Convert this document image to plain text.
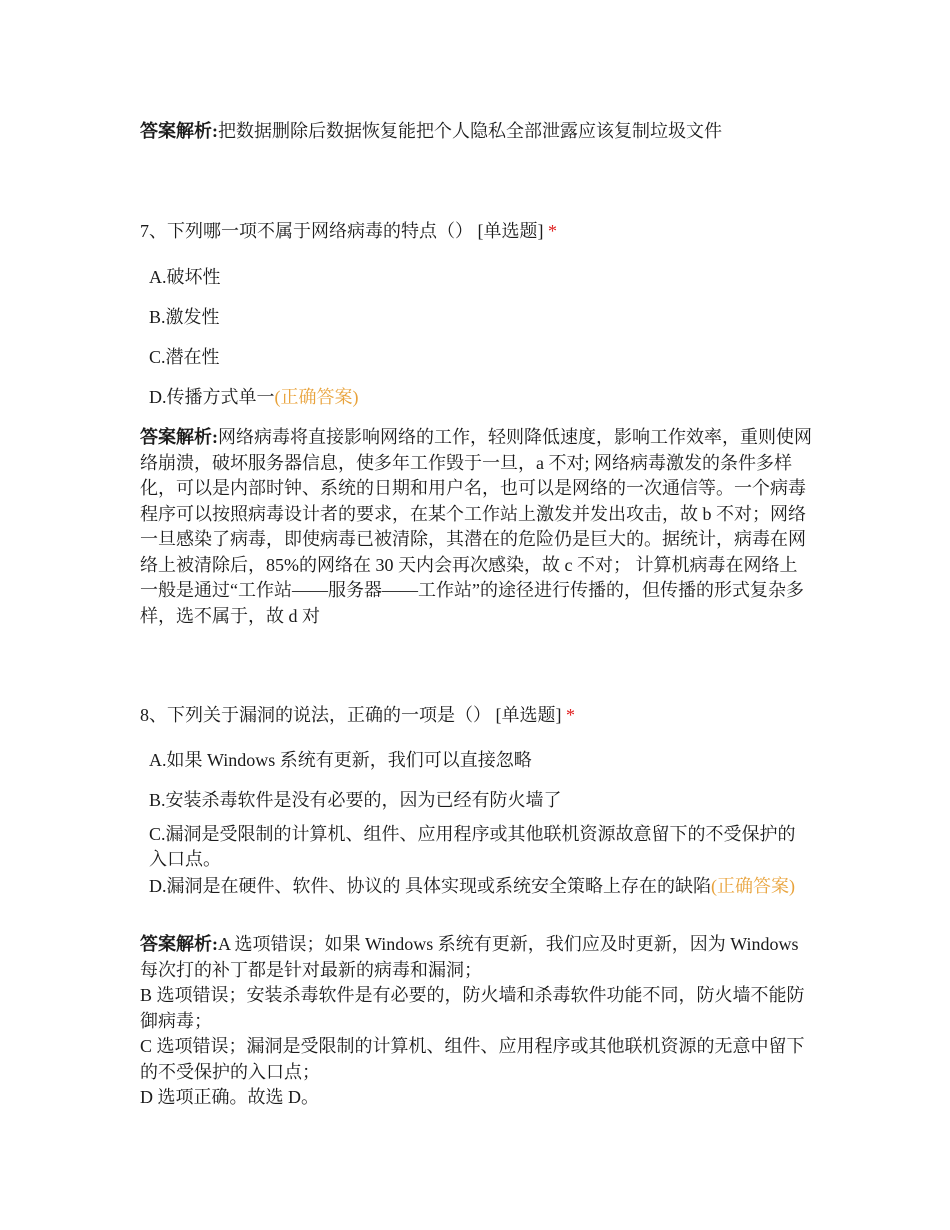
答案解析:把数据删除后数据恢复能把个人隐私全部泄露应该复制垃圾文件
7、下列哪一项不属于网络病毒的特点（） [单选题] *
A.破坏性
B.激发性
C.潜在性
D.传播方式单一(正确答案)
答案解析:网络病毒将直接影响网络的工作，轻则降低速度，影响工作效率，重则使网络崩溃，破坏服务器信息，使多年工作毁于一旦，a 不对; 网络病毒激发的条件多样化，可以是内部时钟、系统的日期和用户名，也可以是网络的一次通信等。一个病毒程序可以按照病毒设计者的要求，在某个工作站上激发并发出攻击，故 b 不对；网络一旦感染了病毒，即使病毒已被清除，其潜在的危险仍是巨大的。据统计，病毒在网络上被清除后，85%的网络在 30 天内会再次感染，故 c 不对； 计算机病毒在网络上一般是通过“工作站——服务器——工作站”的途径进行传播的，但传播的形式复杂多样，选不属于，故 d 对
8、下列关于漏洞的说法，正确的一项是（） [单选题] *
A.如果 Windows 系统有更新，我们可以直接忽略
B.安装杀毒软件是没有必要的，因为已经有防火墙了
C.漏洞是受限制的计算机、组件、应用程序或其他联机资源故意留下的不受保护的入口点。
D.漏洞是在硬件、软件、协议的 具体实现或系统安全策略上存在的缺陷(正确答案)
答案解析:A 选项错误；如果 Windows 系统有更新，我们应及时更新，因为 Windows 每次打的补丁都是针对最新的病毒和漏洞；
B 选项错误；安装杀毒软件是有必要的，防火墙和杀毒软件功能不同，防火墙不能防御病毒；
C 选项错误；漏洞是受限制的计算机、组件、应用程序或其他联机资源的无意中留下的不受保护的入口点；
D 选项正确。故选 D。
